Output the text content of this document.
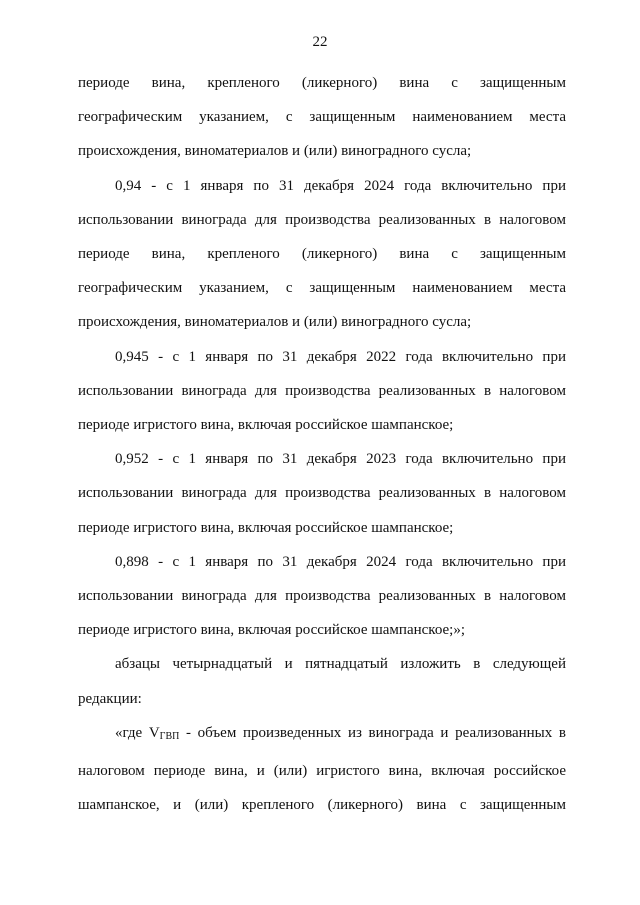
22
периоде вина, крепленого (ликерного) вина с защищенным
географическим указанием, с защищенным наименованием места
происхождения, виноматериалов и (или) виноградного сусла;
0,94 - с 1 января по 31 декабря 2024 года включительно при
использовании винограда для производства реализованных в налоговом
периоде вина, крепленого (ликерного) вина с защищенным
географическим указанием, с защищенным наименованием места
происхождения, виноматериалов и (или) виноградного сусла;
0,945 - с 1 января по 31 декабря 2022 года включительно при
использовании винограда для производства реализованных в налоговом
периоде игристого вина, включая российское шампанское;
0,952 - с 1 января по 31 декабря 2023 года включительно при
использовании винограда для производства реализованных в налоговом
периоде игристого вина, включая российское шампанское;
0,898 - с 1 января по 31 декабря 2024 года включительно при
использовании винограда для производства реализованных в налоговом
периоде игристого вина, включая российское шампанское;»;
абзацы четырнадцатый и пятнадцатый изложить в следующей
редакции:
«где $V_{ГВП}$ - объем произведенных из винограда и реализованных в
налоговом периоде вина, и (или) игристого вина, включая российское
шампанское, и (или) крепленого (ликерного) вина с защищенным
